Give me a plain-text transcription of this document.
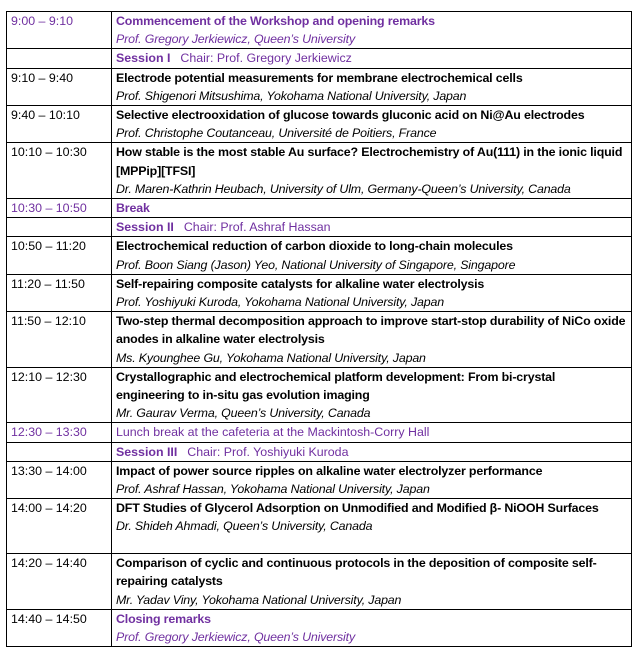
9:00 – 9:10	Commencement of the Workshop and opening remarks
Prof. Gregory Jerkiewicz, Queen’s University

	Session I Chair: Prof. Gregory Jerkiewicz
9:10 – 9:40	Electrode potential measurements for membrane electrochemical cells
Prof. Shigenori Mitsushima, Yokohama National University, Japan

9:40 – 10:10	Selective electrooxidation of glucose towards gluconic acid on Ni@Au electrodes
Prof. Christophe Coutanceau, Université de Poitiers, France

10:10 – 10:30	How stable is the most stable Au surface? Electrochemistry of Au(111) in the ionic liquid [MPPip][TFSI]
Dr. Maren-Kathrin Heubach, University of Ulm, Germany-Queen’s University, Canada

10:30 – 10:50	Break

	Session II Chair: Prof. Ashraf Hassan
10:50 – 11:20	Electrochemical reduction of carbon dioxide to long-chain molecules
Prof. Boon Siang (Jason) Yeo, National University of Singapore, Singapore

11:20 – 11:50	Self-repairing composite catalysts for alkaline water electrolysis
Prof. Yoshiyuki Kuroda, Yokohama National University, Japan

11:50 – 12:10	Two-step thermal decomposition approach to improve start-stop durability of NiCo oxide anodes in alkaline water electrolysis
Ms. Kyounghee Gu, Yokohama National University, Japan

12:10 – 12:30	Crystallographic and electrochemical platform development: From bi-crystal engineering to in-situ gas evolution imaging
Mr. Gaurav Verma, Queen’s University, Canada

12:30 – 13:30	Lunch break at the cafeteria at the Mackintosh-Corry Hall

	Session III Chair: Prof. Yoshiyuki Kuroda
13:30 – 14:00	Impact of power source ripples on alkaline water electrolyzer performance
Prof. Ashraf Hassan, Yokohama National University, Japan

14:00 – 14:20	DFT Studies of Glycerol Adsorption on Unmodified and Modified β- NiOOH Surfaces
Dr. Shideh Ahmadi, Queen’s University, Canada

14:20 – 14:40	Comparison of cyclic and continuous protocols in the deposition of composite self-repairing catalysts
Mr. Yadav Viny, Yokohama National University, Japan

14:40 – 14:50	Closing remarks
Prof. Gregory Jerkiewicz, Queen’s University
